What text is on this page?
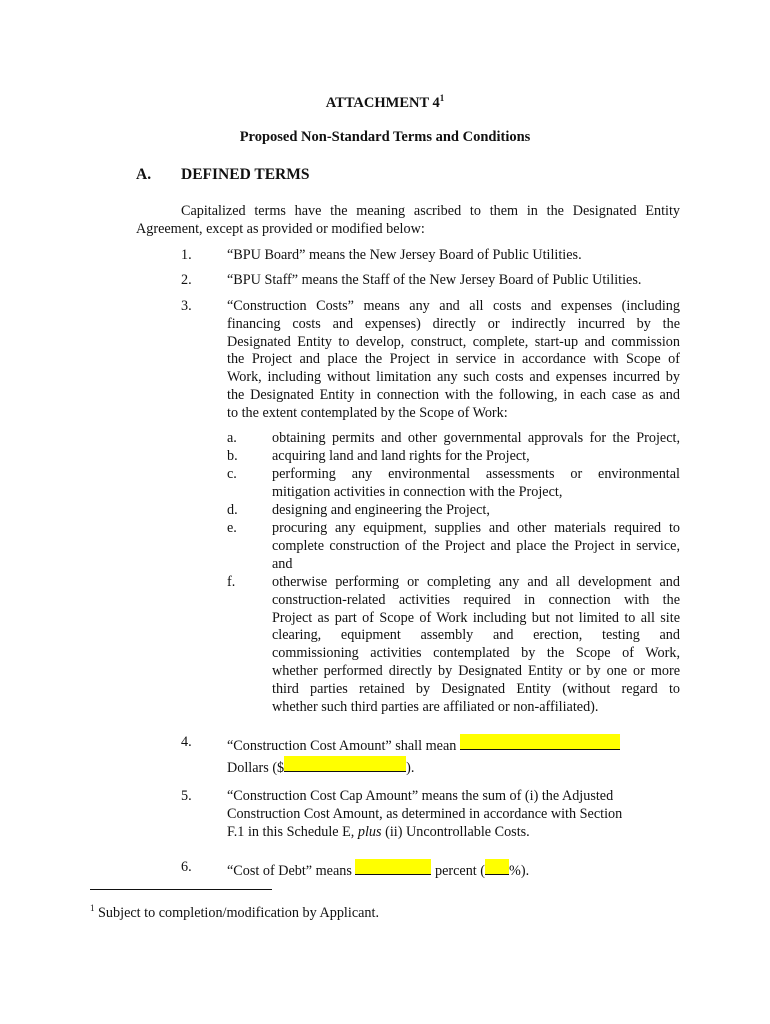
ATTACHMENT $4^1$
Proposed Non-Standard Terms and Conditions
A. DEFINED TERMS
Capitalized terms have the meaning ascribed to them in the Designated Entity
Agreement, except as provided or modified below:
1. “BPU Board” means the New Jersey Board of Public Utilities.
2. “BPU Staff” means the Staff of the New Jersey Board of Public Utilities.
3. “Construction Costs” means any and all costs and expenses (including
financing costs and expenses) directly or indirectly incurred by the
Designated Entity to develop, construct, complete, start-up and commission
the Project and place the Project in service in accordance with Scope of
Work, including without limitation any such costs and expenses incurred by
the Designated Entity in connection with the following, in each case as and
to the extent contemplated by the Scope of Work:
a. obtaining permits and other governmental approvals for the Project,
b. acquiring land and land rights for the Project,
c. performing any environmental assessments or environmental
mitigation activities in connection with the Project,
d. designing and engineering the Project,
e. procuring any equipment, supplies and other materials required to
complete construction of the Project and place the Project in service,
and
f.	otherwise performing or completing any and all development and
construction-related activities required in connection with the
Project as part of Scope of Work including but not limited to all site
clearing, equipment assembly and erection, testing and
commissioning activities contemplated by the Scope of Work,
whether performed directly by Designated Entity or by one or more
third parties retained by Designated Entity (without regard to
whether such third parties are affiliated or non-affiliated).
4. “Construction Cost Amount” shall mean
Dollars ($	).
5. “Construction Cost Cap Amount” means the sum of (i) the Adjusted
Construction Cost Amount, as determined in accordance with Section
F.1 in this Schedule E, plus (ii) Uncontrollable Costs.
6. “Cost of Debt” means	percent ( %).
$^1$ Subject to completion/modification by Applicant.
